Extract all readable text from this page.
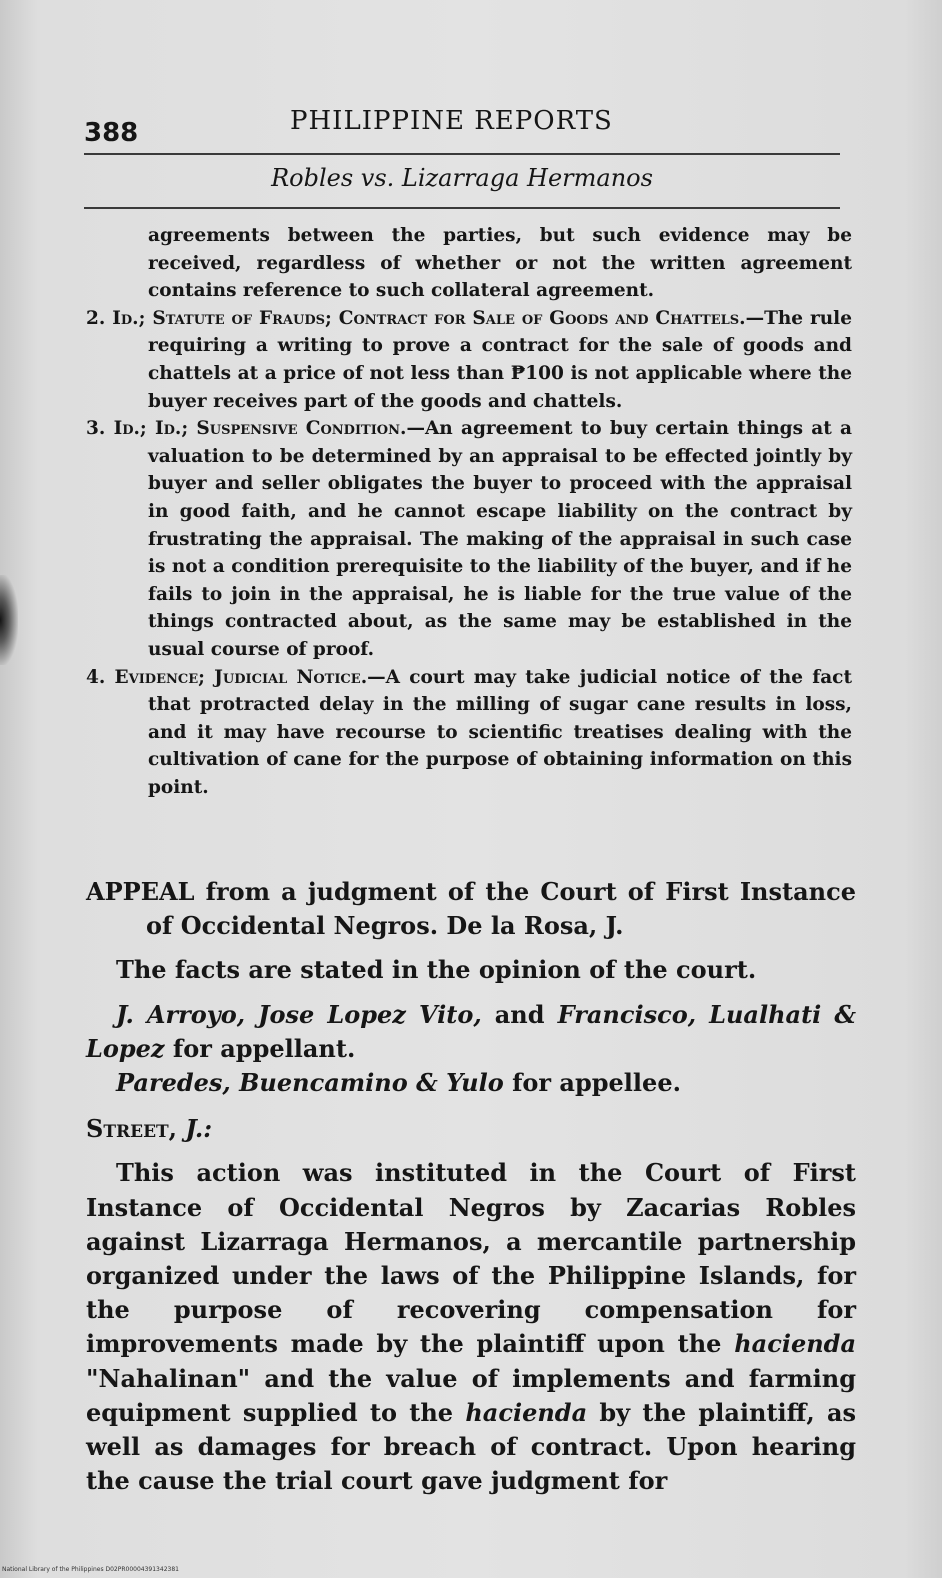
388	PHILIPPINE REPORTS
Robles vs. Lizarraga Hermanos

agreements between the parties, but such evidence may be received, regardless of whether or not the written agreement contains reference to such collateral agreement.

2. Id.; Statute of Frauds; Contract for Sale of Goods and Chattels.—The rule requiring a writing to prove a contract for the sale of goods and chattels at a price of not less than ₱100 is not applicable where the buyer receives part of the goods and chattels.

3. Id.; Id.; Suspensive Condition.—An agreement to buy certain things at a valuation to be determined by an appraisal to be effected jointly by buyer and seller obligates the buyer to proceed with the appraisal in good faith, and he cannot escape liability on the contract by frustrating the appraisal. The making of the appraisal in such case is not a condition prerequisite to the liability of the buyer, and if he fails to join in the appraisal, he is liable for the true value of the things contracted about, as the same may be established in the usual course of proof.

4. Evidence; Judicial Notice.—A court may take judicial notice of the fact that protracted delay in the milling of sugar cane results in loss, and it may have recourse to scientific treatises dealing with the cultivation of cane for the purpose of obtaining information on this point.

APPEAL from a judgment of the Court of First Instance of Occidental Negros. De la Rosa, J.

The facts are stated in the opinion of the court.

J. Arroyo, Jose Lopez Vito, and Francisco, Lualhati & Lopez for appellant.

Paredes, Buencamino & Yulo for appellee.

Street, J.:

This action was instituted in the Court of First Instance of Occidental Negros by Zacarias Robles against Lizarraga Hermanos, a mercantile partnership organized under the laws of the Philippine Islands, for the purpose of recovering compensation for improvements made by the plaintiff upon the hacienda "Nahalinan" and the value of implements and farming equipment supplied to the hacienda by the plaintiff, as well as damages for breach of contract. Upon hearing the cause the trial court gave judgment for

National Library of the Philippines D02PR00004391342381
